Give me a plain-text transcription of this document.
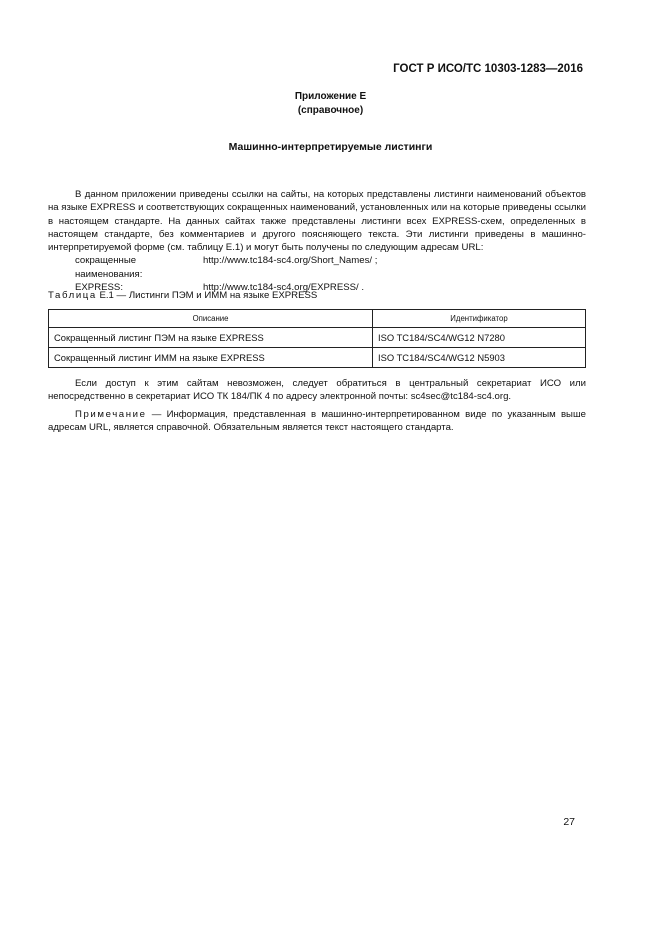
ГОСТ Р ИСО/ТС 10303-1283—2016
Приложение Е
(справочное)
Машинно-интерпретируемые листинги

В данном приложении приведены ссылки на сайты, на которых представлены листинги наименований объектов на языке EXPRESS и соответствующих сокращенных наименований, установленных или на которые приведены ссылки в настоящем стандарте. На данных сайтах также представлены листинги всех EXPRESS-схем, определенных в настоящем стандарте, без комментариев и другого поясняющего текста. Эти листинги приведены в машинно-интерпретируемой форме (см. таблицу Е.1) и могут быть получены по следующим адресам URL:

сокращенные наименования:
http://www.tc184-sc4.org/Short_Names/ ;
EXPRESS:	http://www.tc184-sc4.org/EXPRESS/ .
Таблица Е.1 — Листинги ПЭМ и ИММ на языке EXPRESS
Описание	Идентификатор
Сокращенный листинг ПЭМ на языке EXPRESS	ISO TC184/SC4/WG12 N7280
Сокращенный листинг ИММ на языке EXPRESS	ISO TC184/SC4/WG12 N5903

Если доступ к этим сайтам невозможен, следует обратиться в центральный секретариат ИСО или непосредственно в секретариат ИСО ТК 184/ПК 4 по адресу электронной почты: sc4sec@tc184-sc4.org.

Примечание — Информация, представленная в машинно-интерпретированном виде по указанным выше адресам URL, является справочной. Обязательным является текст настоящего стандарта.

27
